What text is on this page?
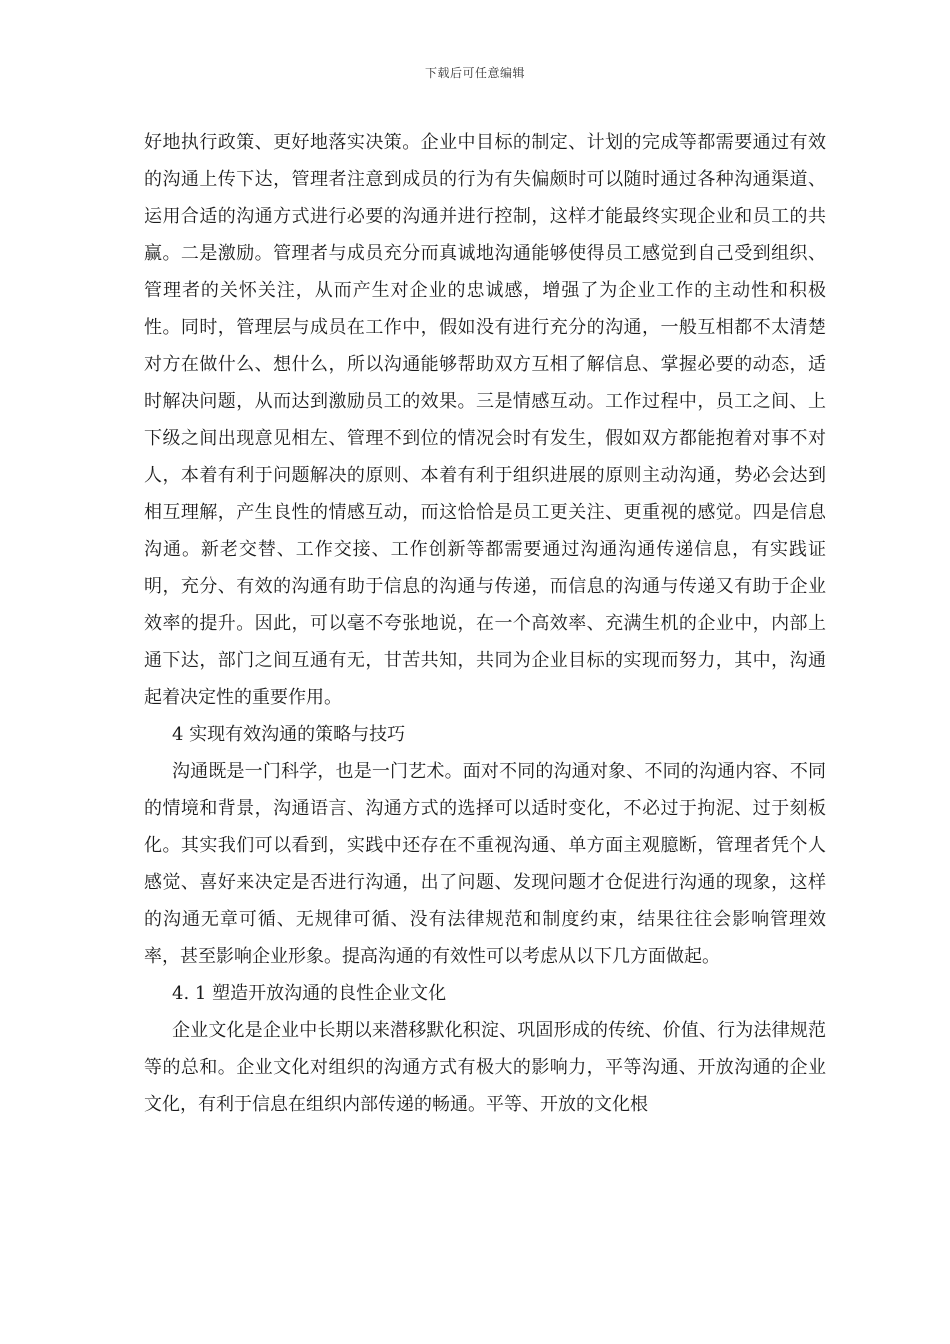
下载后可任意编辑

好地执行政策、更好地落实决策。企业中目标的制定、计划的完成等都需要通过有效的沟通上传下达，管理者注意到成员的行为有失偏颇时可以随时通过各种沟通渠道、运用合适的沟通方式进行必要的沟通并进行控制，这样才能最终实现企业和员工的共赢。二是激励。管理者与成员充分而真诚地沟通能够使得员工感觉到自己受到组织、管理者的关怀关注，从而产生对企业的忠诚感，增强了为企业工作的主动性和积极性。同时，管理层与成员在工作中，假如没有进行充分的沟通，一般互相都不太清楚对方在做什么、想什么，所以沟通能够帮助双方互相了解信息、掌握必要的动态，适时解决问题，从而达到激励员工的效果。三是情感互动。工作过程中，员工之间、上下级之间出现意见相左、管理不到位的情况会时有发生，假如双方都能抱着对事不对人，本着有利于问题解决的原则、本着有利于组织进展的原则主动沟通，势必会达到相互理解，产生良性的情感互动，而这恰恰是员工更关注、更重视的感觉。四是信息沟通。新老交替、工作交接、工作创新等都需要通过沟通沟通传递信息，有实践证明，充分、有效的沟通有助于信息的沟通与传递，而信息的沟通与传递又有助于企业效率的提升。因此，可以毫不夸张地说，在一个高效率、充满生机的企业中，内部上通下达，部门之间互通有无，甘苦共知，共同为企业目标的实现而努力，其中，沟通起着决定性的重要作用。

4 实现有效沟通的策略与技巧

沟通既是一门科学，也是一门艺术。面对不同的沟通对象、不同的沟通内容、不同的情境和背景，沟通语言、沟通方式的选择可以适时变化，不必过于拘泥、过于刻板化。其实我们可以看到，实践中还存在不重视沟通、单方面主观臆断，管理者凭个人感觉、喜好来决定是否进行沟通，出了问题、发现问题才仓促进行沟通的现象，这样的沟通无章可循、无规律可循、没有法律规范和制度约束，结果往往会影响管理效率，甚至影响企业形象。提高沟通的有效性可以考虑从以下几方面做起。

4. 1 塑造开放沟通的良性企业文化

企业文化是企业中长期以来潜移默化积淀、巩固形成的传统、价值、行为法律规范等的总和。企业文化对组织的沟通方式有极大的影响力，平等沟通、开放沟通的企业文化，有利于信息在组织内部传递的畅通。平等、开放的文化根
